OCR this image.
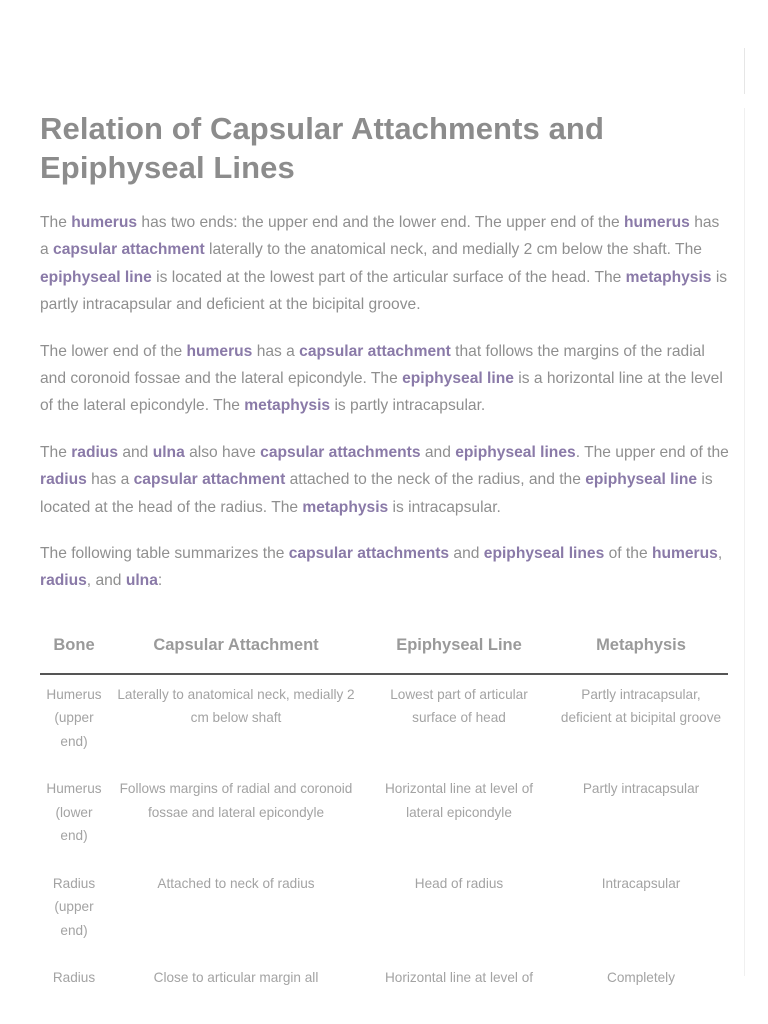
Relation of Capsular Attachments and Epiphyseal Lines

The humerus has two ends: the upper end and the lower end. The upper end of the humerus has a capsular attachment laterally to the anatomical neck, and medially 2 cm below the shaft. The epiphyseal line is located at the lowest part of the articular surface of the head. The metaphysis is partly intracapsular and deficient at the bicipital groove.

The lower end of the humerus has a capsular attachment that follows the margins of the radial and coronoid fossae and the lateral epicondyle. The epiphyseal line is a horizontal line at the level of the lateral epicondyle. The metaphysis is partly intracapsular.

The radius and ulna also have capsular attachments and epiphyseal lines. The upper end of the radius has a capsular attachment attached to the neck of the radius, and the epiphyseal line is located at the head of the radius. The metaphysis is intracapsular.

The following table summarizes the capsular attachments and epiphyseal lines of the humerus, radius, and ulna:

Bone	Capsular Attachment	Epiphyseal Line	Metaphysis
Humerus (upper end)	Laterally to anatomical neck, medially 2 cm below shaft	Lowest part of articular surface of head	Partly intracapsular, deficient at bicipital groove
Humerus (lower end)	Follows margins of radial and coronoid fossae and lateral epicondyle	Horizontal line at level of lateral epicondyle	Partly intracapsular
Radius (upper end)	Attached to neck of radius	Head of radius	Intracapsular
Radius	Close to articular margin all	Horizontal line at level of	Completely
